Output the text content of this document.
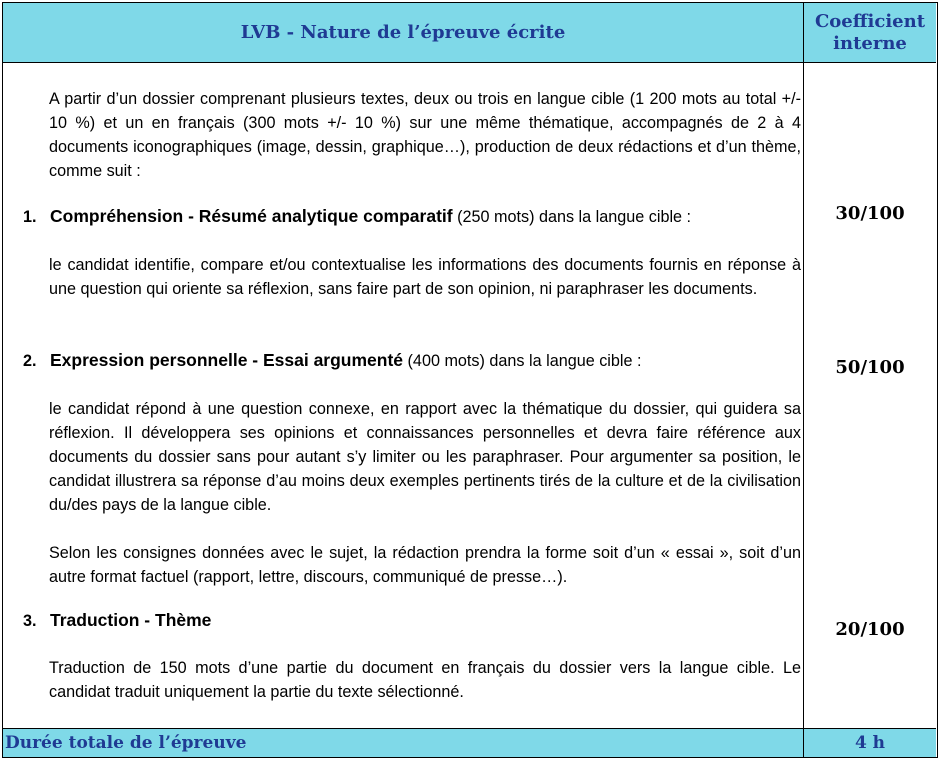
LVB - Nature de l’épreuve écrite
Coefficient
interne

A partir d’un dossier comprenant plusieurs textes, deux ou trois en langue cible (1 200 mots au total +/- 10 %) et un en français (300 mots +/- 10 %) sur une même thématique, accompagnés de 2 à 4 documents iconographiques (image, dessin, graphique…), production de deux rédactions et d’un thème, comme suit :

1. Compréhension - Résumé analytique comparatif (250 mots) dans la langue cible :

le candidat identifie, compare et/ou contextualise les informations des documents fournis en réponse à une question qui oriente sa réflexion, sans faire part de son opinion, ni paraphraser les documents.

2. Expression personnelle - Essai argumenté (400 mots) dans la langue cible :

le candidat répond à une question connexe, en rapport avec la thématique du dossier, qui guidera sa réflexion. Il développera ses opinions et connaissances personnelles et devra faire référence aux documents du dossier sans pour autant s’y limiter ou les paraphraser. Pour argumenter sa position, le candidat illustrera sa réponse d’au moins deux exemples pertinents tirés de la culture et de la civilisation du/des pays de la langue cible.

Selon les consignes données avec le sujet, la rédaction prendra la forme soit d’un « essai », soit d’un autre format factuel (rapport, lettre, discours, communiqué de presse…).

3. Traduction - Thème

Traduction de 150 mots d’une partie du document en français du dossier vers la langue cible. Le candidat traduit uniquement la partie du texte sélectionné.

30/100
50/100
20/100
Durée totale de l’épreuve	4 h
